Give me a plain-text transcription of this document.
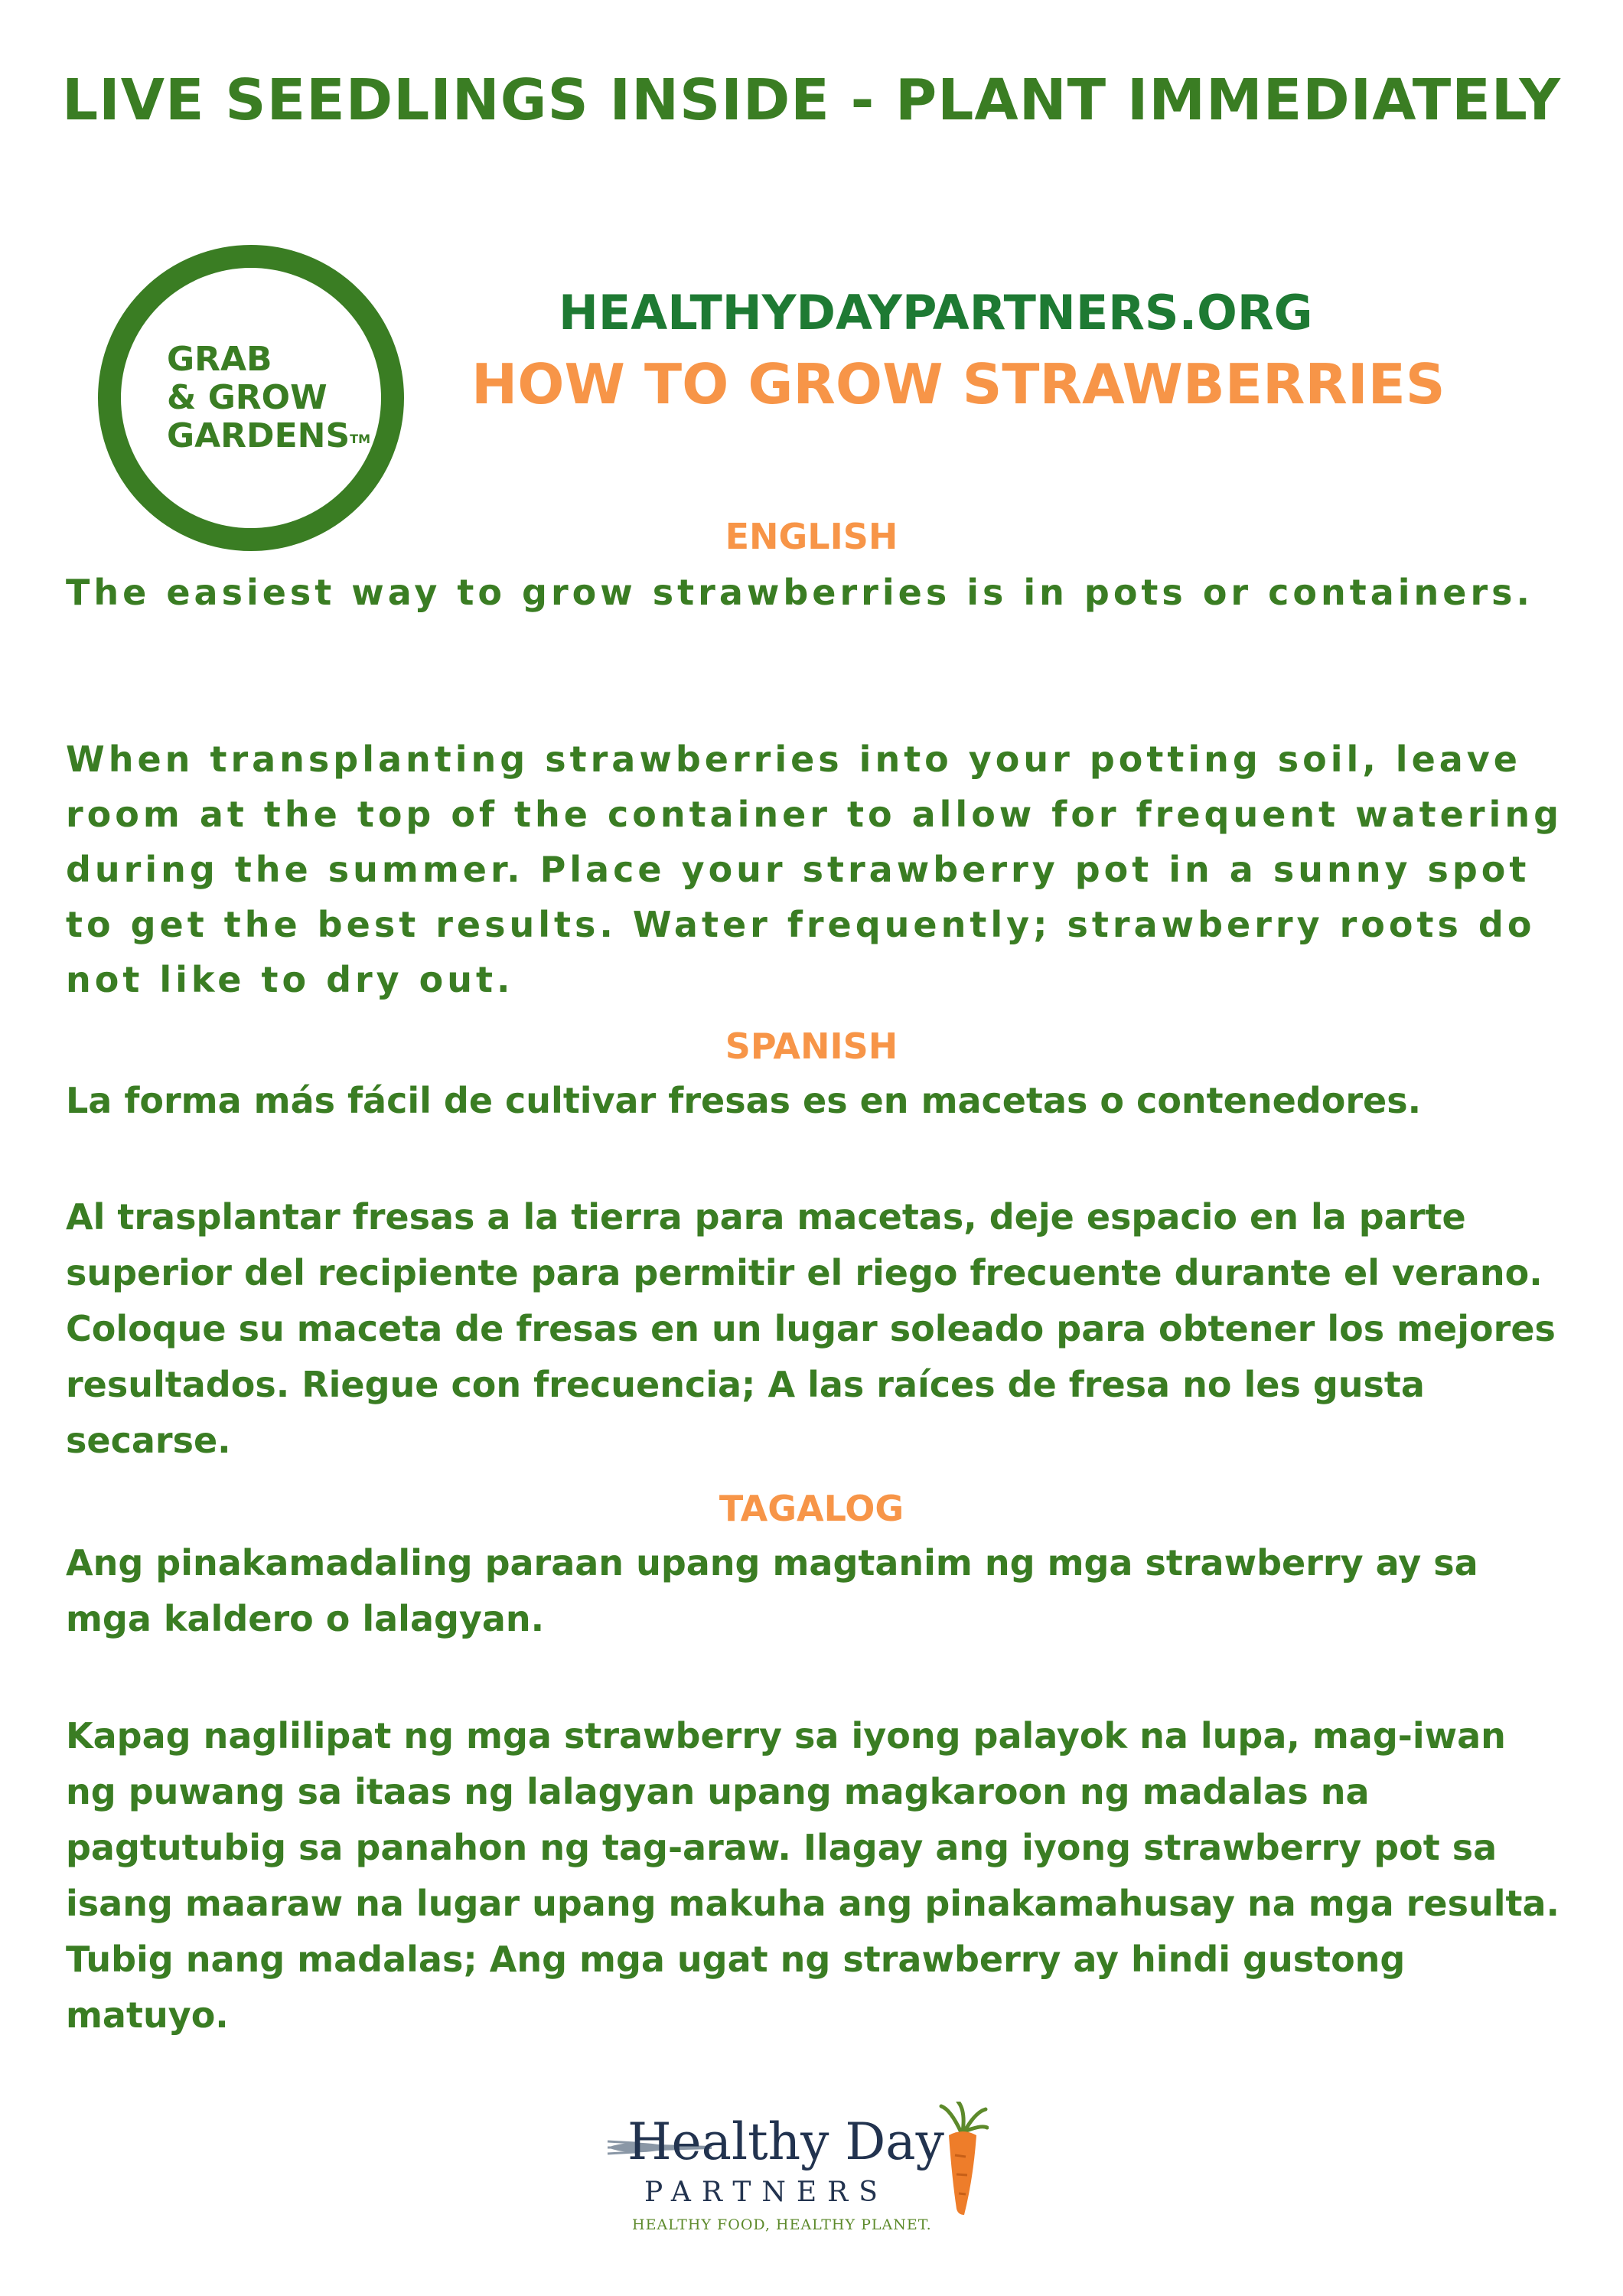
LIVE SEEDLINGS INSIDE - PLANT IMMEDIATELY
GRAB
& GROW
GARDENS™
HEALTHYDAYPARTNERS.ORG
HOW TO GROW STRAWBERRIES
ENGLISH

The easiest way to grow strawberries is in pots or containers.

When transplanting strawberries into your potting soil, leave room at the top of the container to allow for frequent watering during the summer. Place your strawberry pot in a sunny spot to get the best results. Water frequently; strawberry roots do not like to dry out.

SPANISH

La forma más fácil de cultivar fresas es en macetas o contenedores.

Al trasplantar fresas a la tierra para macetas, deje espacio en la parte superior del recipiente para permitir el riego frecuente durante el verano. Coloque su maceta de fresas en un lugar soleado para obtener los mejores resultados. Riegue con frecuencia; A las raíces de fresa no les gusta secarse.

TAGALOG

Ang pinakamadaling paraan upang magtanim ng mga strawberry ay sa mga kaldero o lalagyan.

Kapag naglilipat ng mga strawberry sa iyong palayok na lupa, mag-iwan ng puwang sa itaas ng lalagyan upang magkaroon ng madalas na pagtutubig sa panahon ng tag-araw. Ilagay ang iyong strawberry pot sa isang maaraw na lugar upang makuha ang pinakamahusay na mga resulta. Tubig nang madalas; Ang mga ugat ng strawberry ay hindi gustong matuyo.

Healthy Day
PARTNERS
HEALTHY FOOD, HEALTHY PLANET.
